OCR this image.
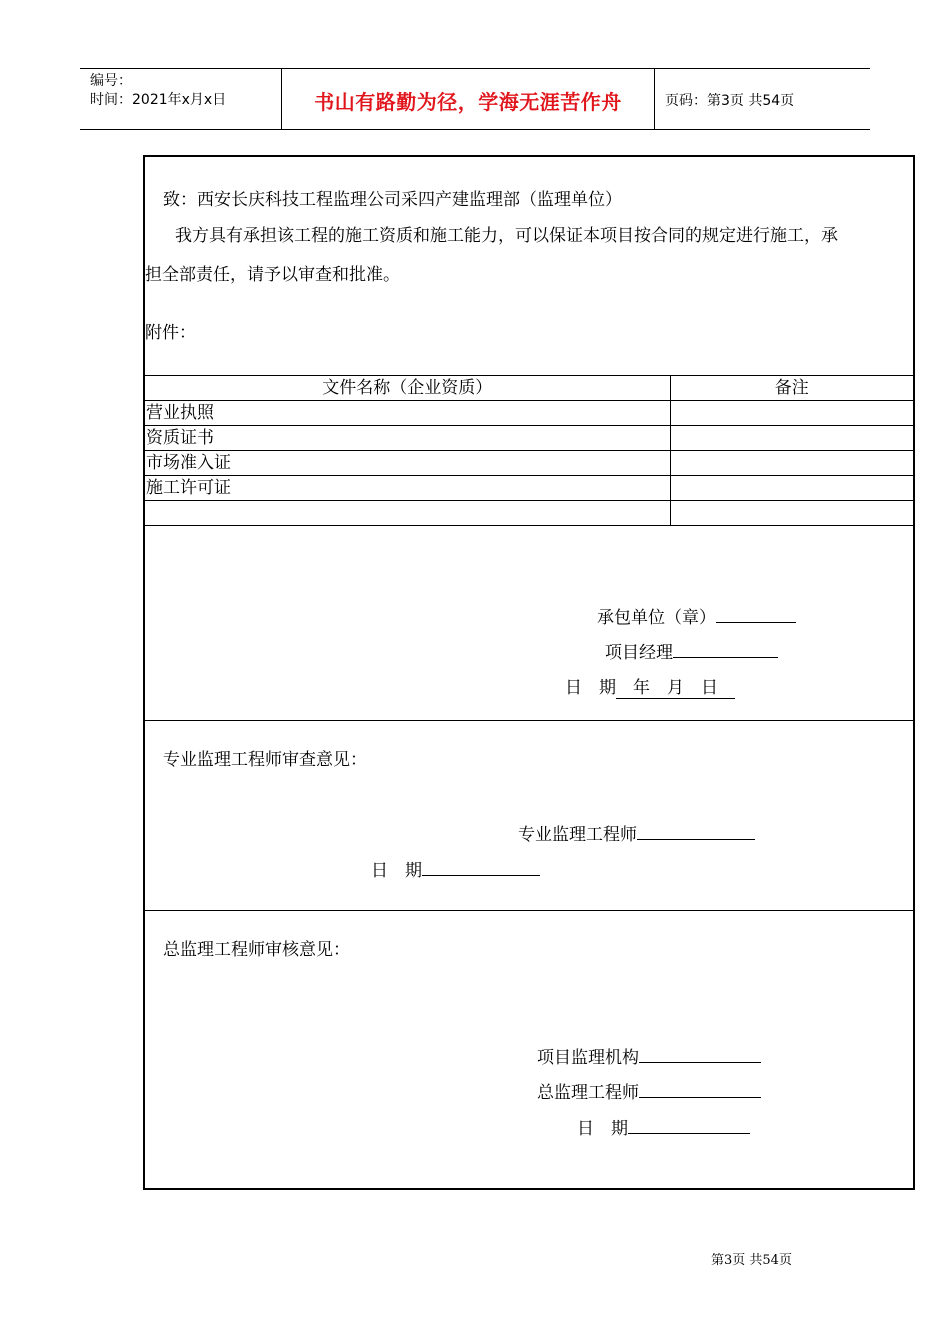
编号：
时间：2021年x月x日	书山有路勤为径，学海无涯苦作舟	页码：第3页 共54页
致：西安长庆科技工程监理公司采四产建监理部（监理单位）
我方具有承担该工程的施工资质和施工能力，可以保证本项目按合同的规定进行施工，承
担全部责任，请予以审查和批准。
附件：
文件名称（企业资质）	备注
营业执照	
资质证书	
市场准入证	
施工许可证	

承包单位（章）
项目经理
日　期　年　月　日　
专业监理工程师审查意见：
专业监理工程师
日　期
总监理工程师审核意见：
项目监理机构
总监理工程师
日　期
第3页 共54页
